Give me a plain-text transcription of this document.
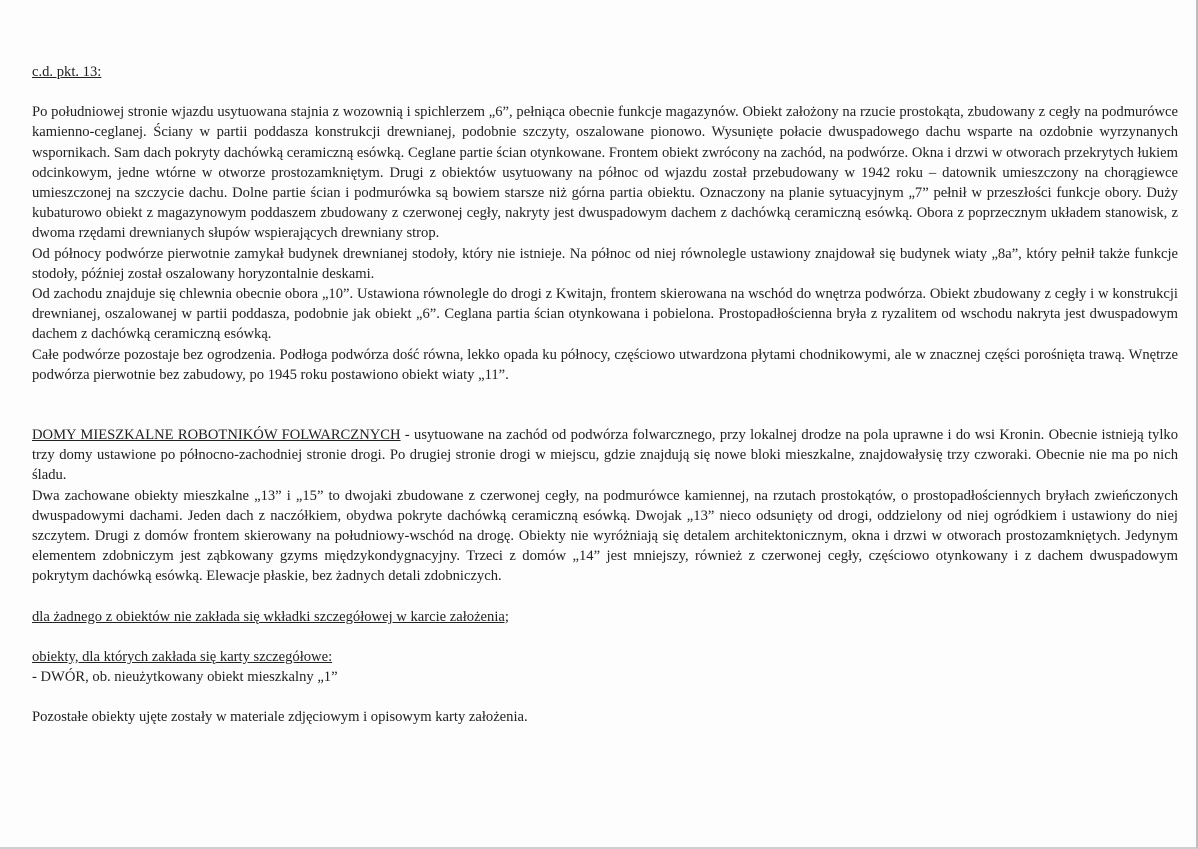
c.d. pkt. 13:

Po południowej stronie wjazdu usytuowana stajnia z wozownią i spichlerzem „6”, pełniąca obecnie funkcje magazynów. Obiekt założony na rzucie prostokąta, zbudowany z cegły na podmurówce kamienno-ceglanej. Ściany w partii poddasza konstrukcji drewnianej, podobnie szczyty, oszalowane pionowo. Wysunięte połacie dwuspadowego dachu wsparte na ozdobnie wyrzynanych wspornikach. Sam dach pokryty dachówką ceramiczną esówką. Ceglane partie ścian otynkowane. Frontem obiekt zwrócony na zachód, na podwórze. Okna i drzwi w otworach przekrytych łukiem odcinkowym, jedne wtórne w otworze prostozamkniętym. Drugi z obiektów usytuowany na północ od wjazdu został przebudowany w 1942 roku – datownik umieszczony na chorągiewce umieszczonej na szczycie dachu. Dolne partie ścian i podmurówka są bowiem starsze niż górna partia obiektu. Oznaczony na planie sytuacyjnym „7” pełnił w przeszłości funkcje obory. Duży kubaturowo obiekt z magazynowym poddaszem zbudowany z czerwonej cegły, nakryty jest dwuspadowym dachem z dachówką ceramiczną esówką. Obora z poprzecznym układem stanowisk, z dwoma rzędami drewnianych słupów wspierających drewniany strop.

Od północy podwórze pierwotnie zamykał budynek drewnianej stodoły, który nie istnieje. Na północ od niej równolegle ustawiony znajdował się budynek wiaty „8a”, który pełnił także funkcje stodoły, później został oszalowany horyzontalnie deskami.

Od zachodu znajduje się chlewnia obecnie obora „10”. Ustawiona równolegle do drogi z Kwitajn, frontem skierowana na wschód do wnętrza podwórza. Obiekt zbudowany z cegły i w konstrukcji drewnianej, oszalowanej w partii poddasza, podobnie jak obiekt „6”. Ceglana partia ścian otynkowana i pobielona. Prostopadłościenna bryła z ryzalitem od wschodu nakryta jest dwuspadowym dachem z dachówką ceramiczną esówką.

Całe podwórze pozostaje bez ogrodzenia. Podłoga podwórza dość równa, lekko opada ku północy, częściowo utwardzona płytami chodnikowymi, ale w znacznej części porośnięta trawą. Wnętrze podwórza pierwotnie bez zabudowy, po 1945 roku postawiono obiekt wiaty „11”.

DOMY MIESZKALNE ROBOTNIKÓW FOLWARCZNYCH - usytuowane na zachód od podwórza folwarcznego, przy lokalnej drodze na pola uprawne i do wsi Kronin. Obecnie istnieją tylko trzy domy ustawione po północno-zachodniej stronie drogi. Po drugiej stronie drogi w miejscu, gdzie znajdują się nowe bloki mieszkalne, znajdowałysię trzy czworaki. Obecnie nie ma po nich śladu.

Dwa zachowane obiekty mieszkalne „13” i „15” to dwojaki zbudowane z czerwonej cegły, na podmurówce kamiennej, na rzutach prostokątów, o prostopadłościennych bryłach zwieńczonych dwuspadowymi dachami. Jeden dach z naczółkiem, obydwa pokryte dachówką ceramiczną esówką. Dwojak „13” nieco odsunięty od drogi, oddzielony od niej ogródkiem i ustawiony do niej szczytem. Drugi z domów frontem skierowany na południowy-wschód na drogę. Obiekty nie wyróżniają się detalem architektonicznym, okna i drzwi w otworach prostozamkniętych. Jedynym elementem zdobniczym jest ząbkowany gzyms międzykondygnacyjny. Trzeci z domów „14” jest mniejszy, również z czerwonej cegły, częściowo otynkowany i z dachem dwuspadowym pokrytym dachówką esówką. Elewacje płaskie, bez żadnych detali zdobniczych.

dla żadnego z obiektów nie zakłada się wkładki szczegółowej w karcie założenia;

obiekty, dla których zakłada się karty szczegółowe:

- DWÓR, ob. nieużytkowany obiekt mieszkalny „1”

Pozostałe obiekty ujęte zostały w materiale zdjęciowym i opisowym karty założenia.
